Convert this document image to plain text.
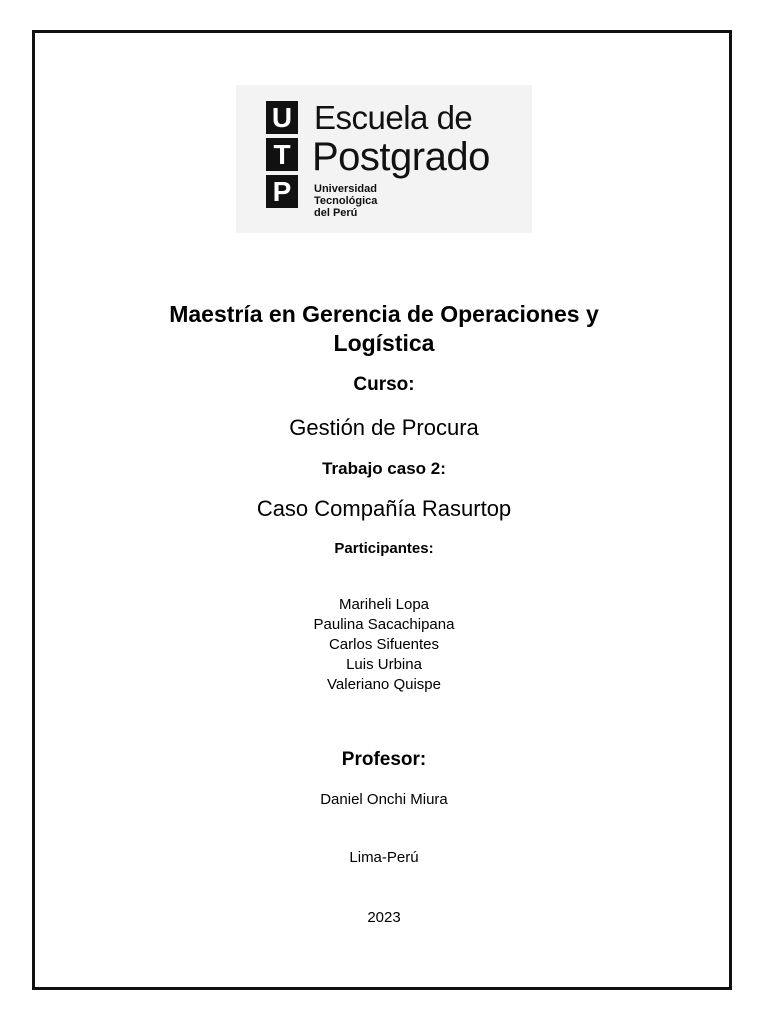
U
T
P
Escuela de
Postgrado
Universidad
Tecnológica
del Perú
Maestría en Gerencia de Operaciones y
Logística
Curso:
Gestión de Procura
Trabajo caso 2:
Caso Compañía Rasurtop
Participantes:
Mariheli Lopa
Paulina Sacachipana
Carlos Sifuentes
Luis Urbina
Valeriano Quispe
Profesor:
Daniel Onchi Miura
Lima-Perú
2023
